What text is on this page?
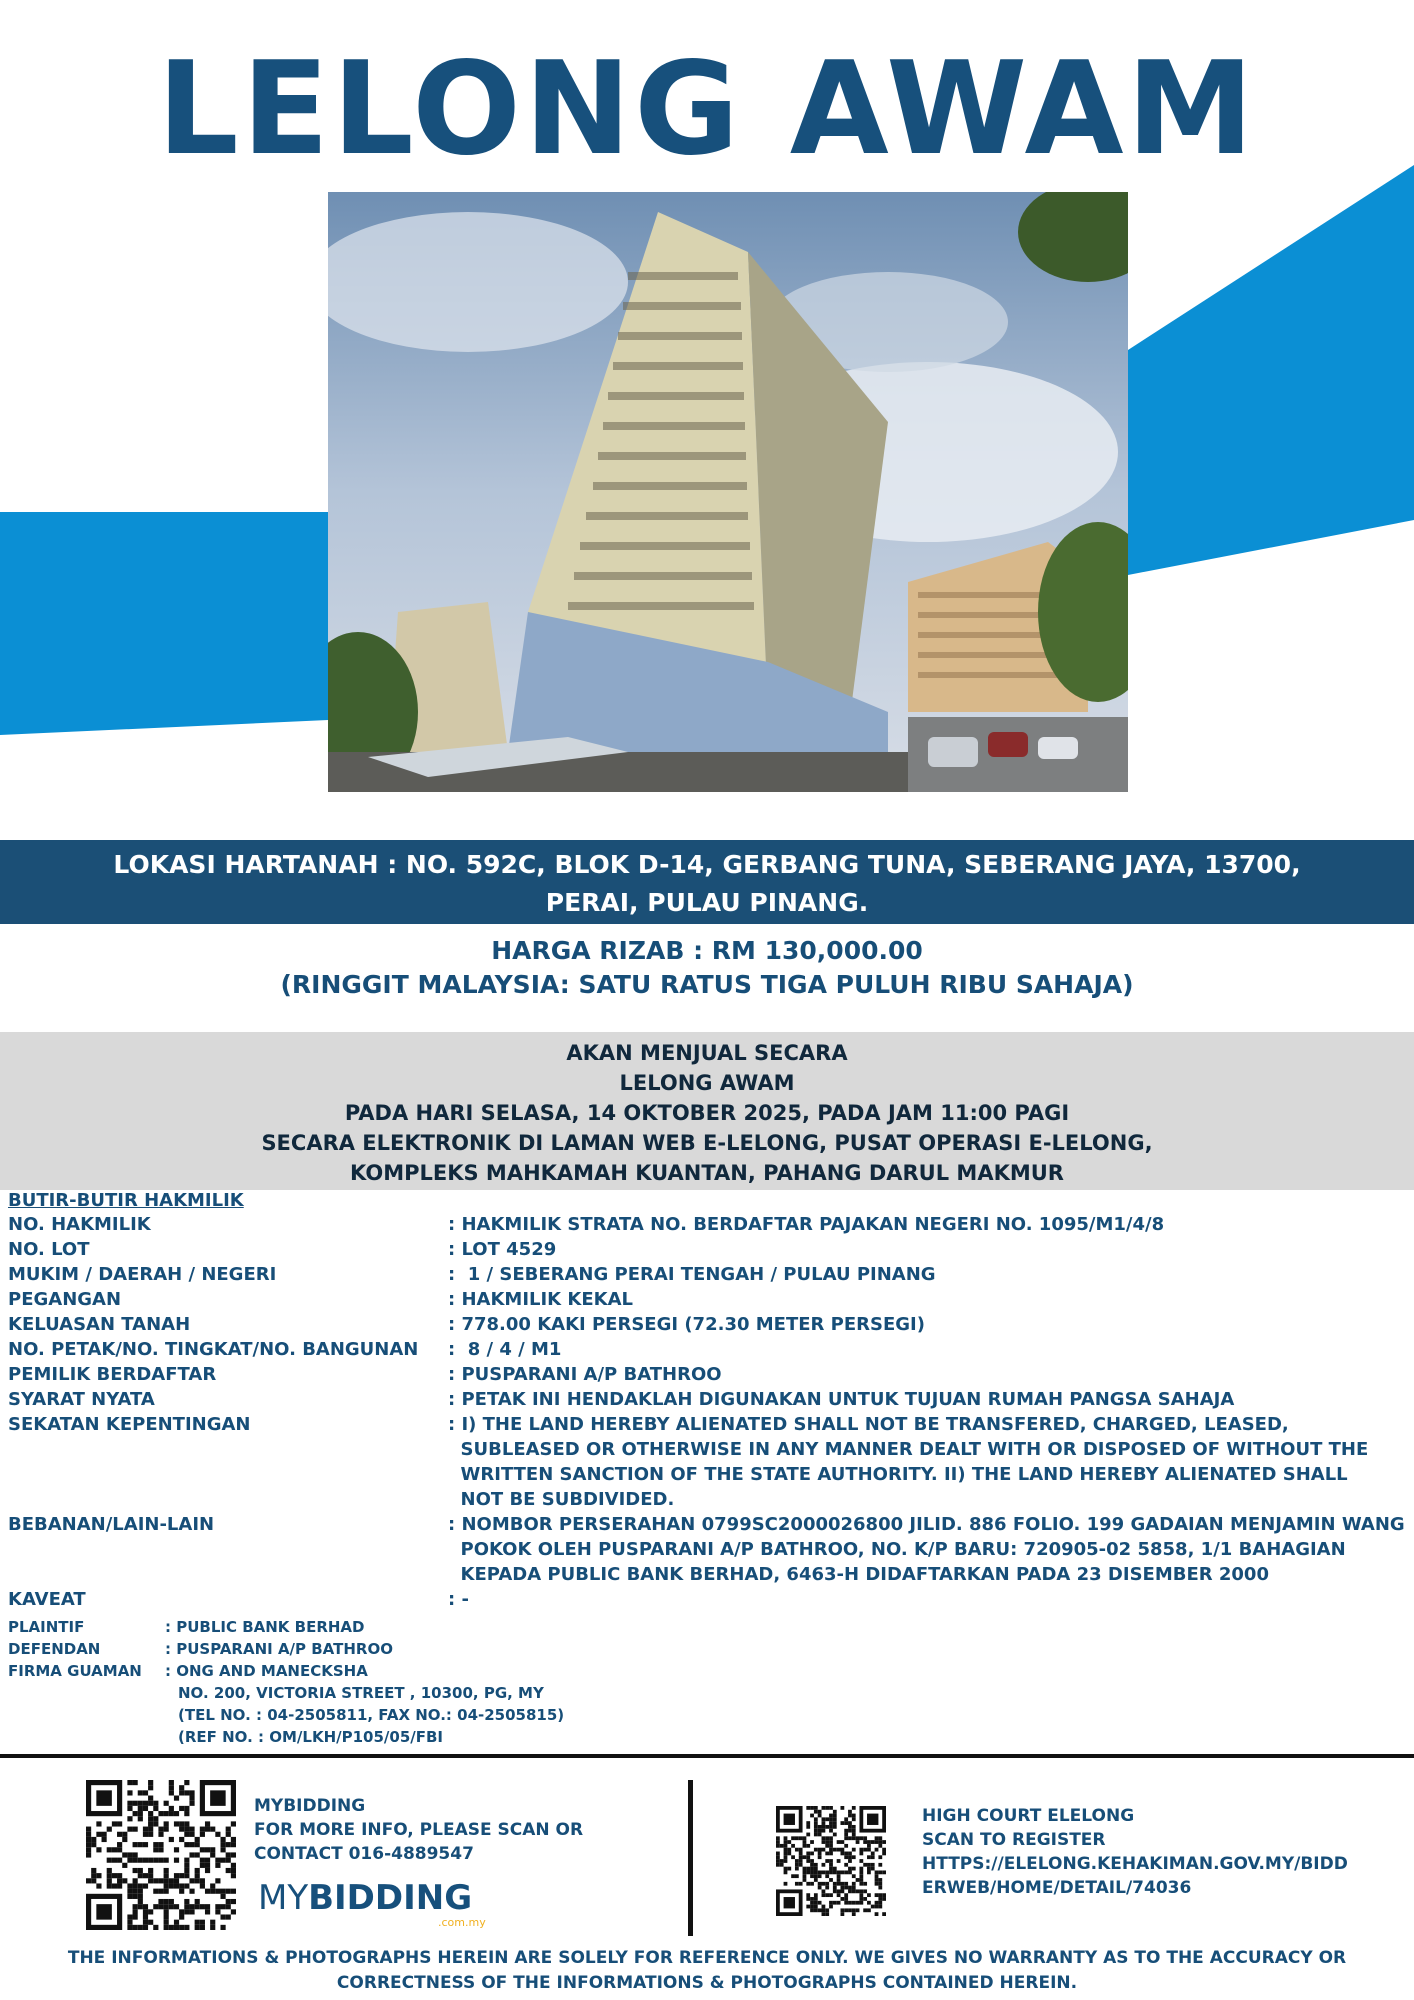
LELONG AWAM
LOKASI HARTANAH : NO. 592C, BLOK D-14, GERBANG TUNA, SEBERANG JAYA, 13700,
PERAI, PULAU PINANG.
HARGA RIZAB : RM 130,000.00
(RINGGIT MALAYSIA: SATU RATUS TIGA PULUH RIBU SAHAJA)
AKAN MENJUAL SECARA
LELONG AWAM
PADA HARI SELASA, 14 OKTOBER 2025, PADA JAM 11:00 PAGI
SECARA ELEKTRONIK DI LAMAN WEB E-LELONG, PUSAT OPERASI E-LELONG,
KOMPLEKS MAHKAMAH KUANTAN, PAHANG DARUL MAKMUR
BUTIR-BUTIR HAKMILIK
NO. HAKMILIK	: HAKMILIK STRATA NO. BERDAFTAR PAJAKAN NEGERI NO. 1095/M1/4/8
NO. LOT	: LOT 4529
MUKIM / DAERAH / NEGERI	:  1 / SEBERANG PERAI TENGAH / PULAU PINANG
PEGANGAN	: HAKMILIK KEKAL
KELUASAN TANAH	: 778.00 KAKI PERSEGI (72.30 METER PERSEGI)
NO. PETAK/NO. TINGKAT/NO. BANGUNAN	:  8 / 4 / M1
PEMILIK BERDAFTAR	: PUSPARANI A/P BATHROO
SYARAT NYATA	: PETAK INI HENDAKLAH DIGUNAKAN UNTUK TUJUAN RUMAH PANGSA SAHAJA
SEKATAN KEPENTINGAN	: I) THE LAND HEREBY ALIENATED SHALL NOT BE TRANSFERED, CHARGED, LEASED,
SUBLEASED OR OTHERWISE IN ANY MANNER DEALT WITH OR DISPOSED OF WITHOUT THE
WRITTEN SANCTION OF THE STATE AUTHORITY. II) THE LAND HEREBY ALIENATED SHALL
NOT BE SUBDIVIDED.
BEBANAN/LAIN-LAIN	: NOMBOR PERSERAHAN 0799SC2000026800 JILID. 886 FOLIO. 199 GADAIAN MENJAMIN WANG
POKOK OLEH PUSPARANI A/P BATHROO, NO. K/P BARU: 720905-02 5858, 1/1 BAHAGIAN
KEPADA PUBLIC BANK BERHAD, 6463-H DIDAFTARKAN PADA 23 DISEMBER 2000
KAVEAT	: -
PLAINTIF	: PUBLIC BANK BERHAD
DEFENDAN	: PUSPARANI A/P BATHROO
FIRMA GUAMAN	: ONG AND MANECKSHA
NO. 200, VICTORIA STREET , 10300, PG, MY
(TEL NO. : 04-2505811, FAX NO.: 04-2505815)
(REF NO. : OM/LKH/P105/05/FBI
MYBIDDING
FOR MORE INFO, PLEASE SCAN OR
CONTACT 016-4889547
MYBIDDING
.com.my
HIGH COURT ELELONG
SCAN TO REGISTER
HTTPS://ELELONG.KEHAKIMAN.GOV.MY/BIDD
ERWEB/HOME/DETAIL/74036
THE INFORMATIONS & PHOTOGRAPHS HEREIN ARE SOLELY FOR REFERENCE ONLY. WE GIVES NO WARRANTY AS TO THE ACCURACY OR
CORRECTNESS OF THE INFORMATIONS & PHOTOGRAPHS CONTAINED HEREIN.
